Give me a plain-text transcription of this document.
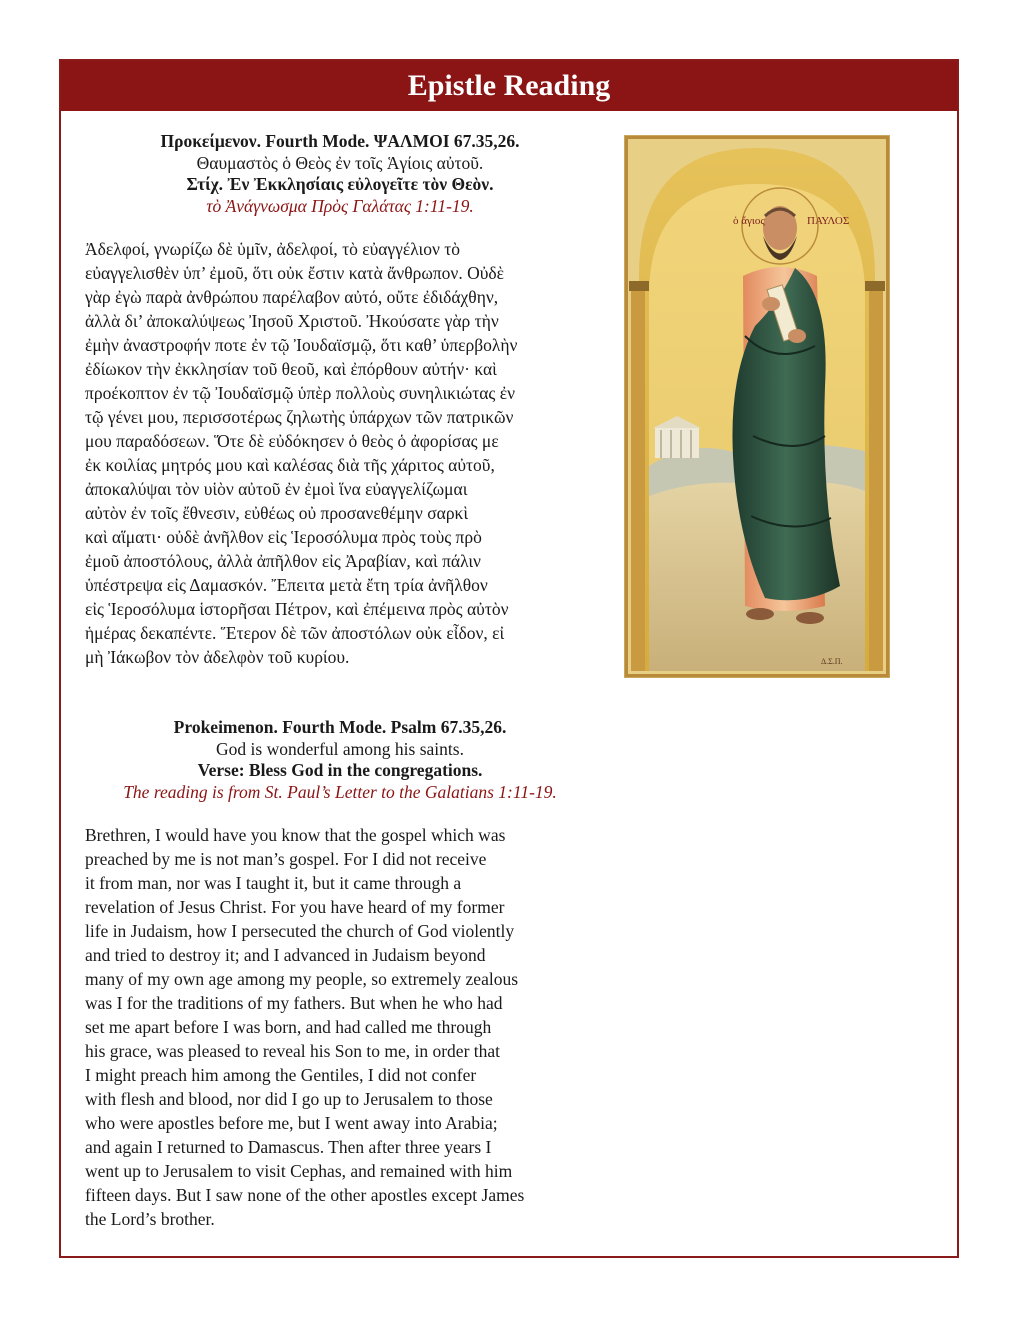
Epistle Reading
Προκείμενον. Fourth Mode. ΨΑΛΜΟΙ 67.35,26.
Θαυμαστὸς ὁ Θεὸς ἐν τοῖς Ἁγίοις αὐτοῦ.
Στίχ. Ἐν Ἐκκλησίαις εὐλογεῖτε τὸν Θεὸν.
τὸ Ἀνάγνωσμα Πρὸς Γαλάτας 1:11-19.
Ἀδελφοί, γνωρίζω δὲ ὑμῖν, ἀδελφοί, τὸ εὐαγγέλιον τὸ
εὐαγγελισθὲν ὑπ’ ἐμοῦ, ὅτι οὐκ ἔστιν κατὰ ἄνθρωπον. Οὐδὲ
γὰρ ἐγὼ παρὰ ἀνθρώπου παρέλαβον αὐτό, οὔτε ἐδιδάχθην,
ἀλλὰ δι’ ἀποκαλύψεως Ἰησοῦ Χριστοῦ. Ἠκούσατε γὰρ τὴν
ἐμὴν ἀναστροφήν ποτε ἐν τῷ Ἰουδαϊσμῷ, ὅτι καθ’ ὑπερβολὴν
ἐδίωκον τὴν ἐκκλησίαν τοῦ θεοῦ, καὶ ἐπόρθουν αὐτήν· καὶ
προέκοπτον ἐν τῷ Ἰουδαϊσμῷ ὑπὲρ πολλοὺς συνηλικιώτας ἐν
τῷ γένει μου, περισσοτέρως ζηλωτὴς ὑπάρχων τῶν πατρικῶν
μου παραδόσεων. Ὅτε δὲ εὐδόκησεν ὁ θεὸς ὁ ἀφορίσας με
ἐκ κοιλίας μητρός μου καὶ καλέσας διὰ τῆς χάριτος αὐτοῦ,
ἀποκαλύψαι τὸν υἱὸν αὐτοῦ ἐν ἐμοὶ ἵνα εὐαγγελίζωμαι
αὐτὸν ἐν τοῖς ἔθνεσιν, εὐθέως οὐ προσανεθέμην σαρκὶ
καὶ αἵματι· οὐδὲ ἀνῆλθον εἰς Ἱεροσόλυμα πρὸς τοὺς πρὸ
ἐμοῦ ἀποστόλους, ἀλλὰ ἀπῆλθον εἰς Ἀραβίαν, καὶ πάλιν
ὑπέστρεψα εἰς Δαμασκόν. Ἔπειτα μετὰ ἔτη τρία ἀνῆλθον
εἰς Ἱεροσόλυμα ἱστορῆσαι Πέτρον, καὶ ἐπέμεινα πρὸς αὐτὸν
ἡμέρας δεκαπέντε. Ἕτερον δὲ τῶν ἀποστόλων οὐκ εἶδον, εἰ
μὴ Ἰάκωβον τὸν ἀδελφὸν τοῦ κυρίου.
Prokeimenon. Fourth Mode. Psalm 67.35,26.
God is wonderful among his saints.
Verse: Bless God in the congregations.
The reading is from St. Paul’s Letter to the Galatians 1:11-19.
Brethren, I would have you know that the gospel which was
preached by me is not man’s gospel. For I did not receive
it from man, nor was I taught it, but it came through a
revelation of Jesus Christ. For you have heard of my former
life in Judaism, how I persecuted the church of God violently
and tried to destroy it; and I advanced in Judaism beyond
many of my own age among my people, so extremely zealous
was I for the traditions of my fathers. But when he who had
set me apart before I was born, and had called me through
his grace, was pleased to reveal his Son to me, in order that
I might preach him among the Gentiles, I did not confer
with flesh and blood, nor did I go up to Jerusalem to those
who were apostles before me, but I went away into Arabia;
and again I returned to Damascus. Then after three years I
went up to Jerusalem to visit Cephas, and remained with him
fifteen days. But I saw none of the other apostles except James
the Lord’s brother.
ὁ ἅγιος	ΠΑΥΛΟΣ
Δ.Σ.Π.
